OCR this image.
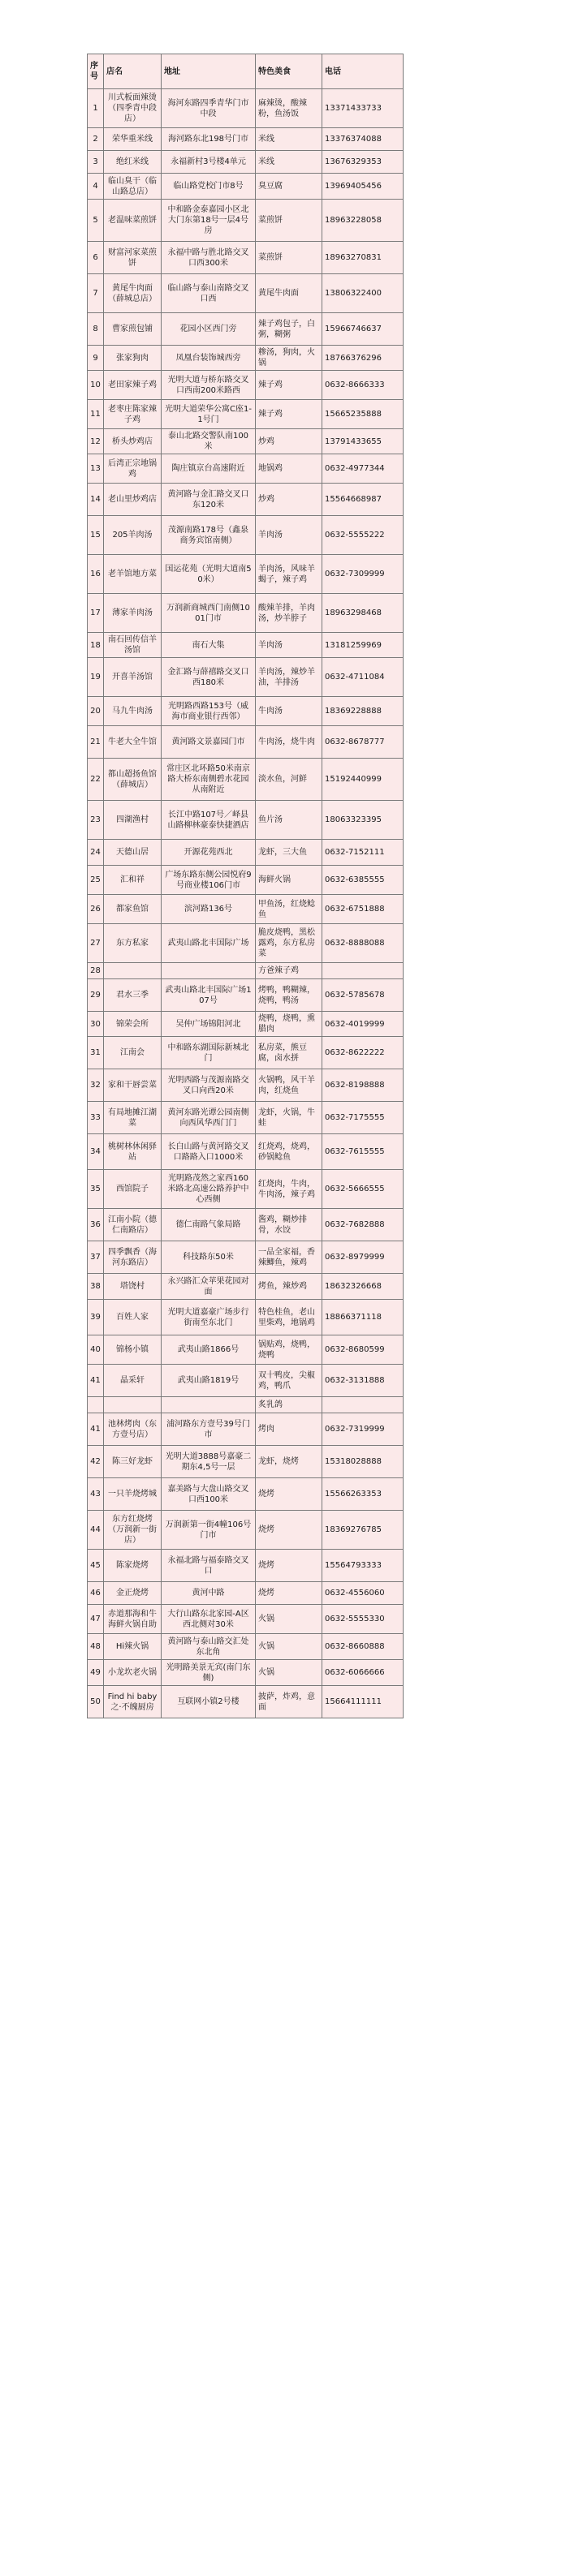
序号	店名	地址	特色美食	电话
1	川式板面辣烫（四季青中段店）	海河东路四季青华门市中段	麻辣烫，酸辣粉，鱼汤饭	13371433733
2	荣华重米线	海河路东北198号门市	米线	13376374088
3	绝红米线	永福新村3号楼4单元	米线	13676329353
4	临山臭干（临山路总店）	临山路党校门市8号	臭豆腐	13969405456
5	老温味菜煎饼	中和路金泰嘉园小区北大门东第18号一层4号房	菜煎饼	18963228058
6	财富河家菜煎饼	永福中路与胜北路交叉口西300米	菜煎饼	18963270831
7	黄尾牛肉面（薛城总店）	临山路与泰山南路交叉口西	黄尾牛肉面	13806322400
8	曹家煎包铺	花园小区西门旁	辣子鸡包子，白粥，糊粥	15966746637
9	张家狗肉	凤凰台装饰城西旁	糁汤，狗肉，火锅	18766376296
10	老田家辣子鸡	光明大道与桥东路交叉口西南200米路西	辣子鸡	0632-8666333
11	老枣庄陈家辣子鸡	光明大道荣华公寓C座1-1号门	辣子鸡	15665235888
12	桥头炒鸡店	泰山北路交警队南100米	炒鸡	13791433655
13	后湾正宗地锅鸡	陶庄镇京台高速附近	地锅鸡	0632-4977344
14	老山里炒鸡店	黄河路与金汇路交叉口东120米	炒鸡	15564668987
15	205羊肉汤	茂源南路178号（鑫泉商务宾馆南侧）	羊肉汤	0632-5555222
16	老羊馆地方菜	国运花苑（光明大道南50米）	羊肉汤，风味羊蝎子，辣子鸡	0632-7309999
17	薄家羊肉汤	万润新商城西门南侧1001门市	酸辣羊排，羊肉汤，炒羊脖子	18963298468
18	南石回传信羊汤馆	南石大集	羊肉汤	13181259969
19	开喜羊汤馆	金汇路与薛禧路交叉口西180米	羊肉汤，辣炒羊油，羊排汤	0632-4711084
20	马九牛肉汤	光明路西路153号（威海市商业银行西邻）	牛肉汤	18369228888
21	牛老大全牛馆	黄河路文景嘉园门市	牛肉汤，烧牛肉	0632-8678777
22	都山超扬鱼馆（薛城店）	常庄区北环路50米南京路大桥东南侧碧水花园从南附近	淡水鱼，河鲜	15192440999
23	四湖渔村	长江中路107号／峄县山路柳林豪泰快捷酒店	鱼片汤	18063323395
24	天德山居	开源花苑西北	龙虾，三大鱼	0632-7152111
25	汇和祥	广场东路东侧公园悦府9号商业楼106门市	海鲜火锅	0632-6385555
26	都家鱼馆	滨河路136号	甲鱼汤，红烧鲶鱼	0632-6751888
27	东方私家	武夷山路北丰国际广场	脆皮烧鸭，黑松露鸡，东方私房菜	0632-8888088
28			方爸辣子鸡	
29	君水三季	武夷山路北丰国际广场107号	烤鸭，鸭糊辣，烧鸭，鸭汤	0632-5785678
30	锦荣会所	吴仲广场锦阳河北	烧鸭，烧鸭，熏腊肉	0632-4019999
31	江南会	中和路东湖国际新城北门	私房菜，熊豆腐，卤水拼	0632-8622222
32	家和干唇尝菜	光明西路与茂源南路交叉口向西20米	火锅鸭，风干羊肉，红烧鱼	0632-8198888
33	有局地摊江湖菜	黄河东路光谭公园南侧向西风华西门门	龙虾，火锅，牛蛙	0632-7175555
34	桃树林休闲驿站	长白山路与黄河路交叉口路路入口1000米	红烧鸡，烧鸡，砂锅鲶鱼	0632-7615555
35	西馆院子	光明路茂然之家西160米路北高速公路养护中心西侧	红烧肉，牛肉，牛肉汤，辣子鸡	0632-5666555
36	江南小院（德仁南路店）	德仁南路气象局路	酱鸡，糊炒排骨，水饺	0632-7682888
37	四季飘香（海河东路店）	科技路东50米	一品全家福，香辣鲫鱼，辣鸡	0632-8979999
38	塔饶村	永兴路汇众苹果花园对面	烤鱼，辣炒鸡	18632326668
39	百姓人家	光明大道嘉豪广场步行街南至东北门	特色桂鱼，老山里柴鸡，地锅鸡	18866371118
40	锦杨小镇	武夷山路1866号	锅贴鸡，烧鸭，烧鸭	0632-8680599
41	晶采轩	武夷山路1819号	双十鸭皮，尖椒鸡，鸭爪	0632-3131888
			炙乳鸽	
41	池林烤肉（东方壹号店）	浦河路东方壹号39号门市	烤肉	0632-7319999
42	陈三好龙虾	光明大道3888号嘉豪二期东4,5号一层	龙虾，烧烤	15318028888
43	一只羊烧烤城	嘉美路与大盘山路交叉口西100米	烧烤	15566263353
44	东方红烧烤（万润新一街店）	万润新第一街4幢106号门市	烧烤	18369276785
45	陈家烧烤	永福北路与福泰路交叉口	烧烤	15564793333
46	金正烧烤	黄河中路	烧烤	0632-4556060
47	赤道那海和牛海鲜火锅自助	大行山路东北家园-A区西北侧对30米	火锅	0632-5555330
48	Hi辣火锅	黄河路与泰山路交汇处东北角	火锅	0632-8660888
49	小龙坎老火锅	光明路美景无宾(南门东侧)	火锅	0632-6066666
50	Find hi baby之·不魄厨房	互联网小镇2号楼	披萨，炸鸡，意面	15664111111
